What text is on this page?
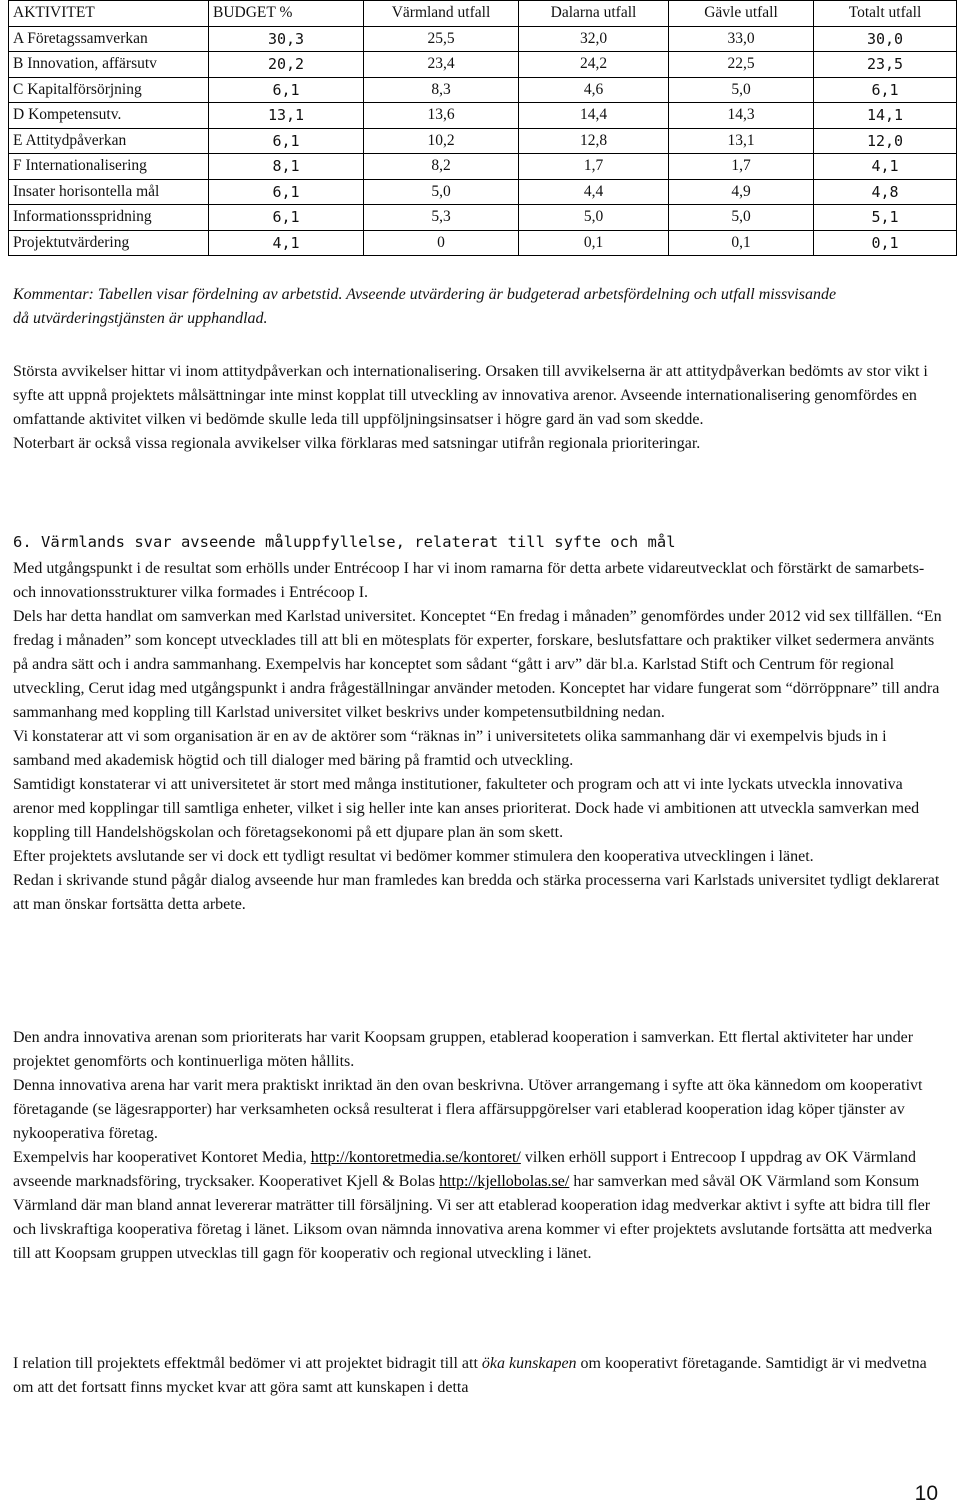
AKTIVITET	BUDGET %	Värmland utfall	Dalarna utfall	Gävle utfall	Totalt utfall
A Företagssamverkan	30,3	25,5	32,0	33,0	30,0
B Innovation, affärsutv	20,2	23,4	24,2	22,5	23,5
C Kapitalförsörjning	6,1	8,3	4,6	5,0	6,1
D Kompetensutv.	13,1	13,6	14,4	14,3	14,1
E Attitydpåverkan	6,1	10,2	12,8	13,1	12,0
F Internationalisering	8,1	8,2	1,7	1,7	4,1
Insater horisontella mål	6,1	5,0	4,4	4,9	4,8
Informationsspridning	6,1	5,3	5,0	5,0	5,1
Projektutvärdering	4,1	0	0,1	0,1	0,1

Kommentar: Tabellen visar fördelning av arbetstid. Avseende utvärdering är budgeterad arbetsfördelning och utfall missvisande

då utvärderingstjänsten är upphandlad.

Största avvikelser hittar vi inom attitydpåverkan och internationalisering. Orsaken till avvikelserna är att attitydpåverkan bedömts av stor vikt i syfte att uppnå projektets målsättningar inte minst kopplat till utveckling av innovativa arenor. Avseende internationalisering genomfördes en omfattande aktivitet vilken vi bedömde skulle leda till uppföljningsinsatser i högre gard än vad som skedde.

Noterbart är också vissa regionala avvikelser vilka förklaras med satsningar utifrån regionala prioriteringar.

6. Värmlands svar avseende måluppfyllelse, relaterat till syfte och mål

Med utgångspunkt i de resultat som erhölls under Entrécoop I har vi inom ramarna för detta arbete vidareutvecklat och förstärkt de samarbets- och innovationsstrukturer vilka formades i Entrécoop I.

Dels har detta handlat om samverkan med Karlstad universitet. Konceptet “En fredag i månaden” genomfördes under 2012 vid sex tillfällen. “En fredag i månaden” som koncept utvecklades till att bli en mötesplats för experter, forskare, beslutsfattare och praktiker vilket sedermera använts på andra sätt och i andra sammanhang. Exempelvis har konceptet som sådant “gått i arv” där bl.a. Karlstad Stift och Centrum för regional utveckling, Cerut idag med utgångspunkt i andra frågeställningar använder metoden. Konceptet har vidare fungerat som “dörröppnare” till andra sammanhang med koppling till Karlstad universitet vilket beskrivs under kompetensutbildning nedan.

Vi konstaterar att vi som organisation är en av de aktörer som “räknas in” i universitetets olika sammanhang där vi exempelvis bjuds in i samband med akademisk högtid och till dialoger med bäring på framtid och utveckling.

Samtidigt konstaterar vi att universitetet är stort med många institutioner, fakulteter och program och att vi inte lyckats utveckla innovativa arenor med kopplingar till samtliga enheter, vilket i sig heller inte kan anses prioriterat. Dock hade vi ambitionen att utveckla samverkan med koppling till Handelshögskolan och företagsekonomi på ett djupare plan än som skett.

Efter projektets avslutande ser vi dock ett tydligt resultat vi bedömer kommer stimulera den kooperativa utvecklingen i länet.

Redan i skrivande stund pågår dialog avseende hur man framledes kan bredda och stärka processerna vari Karlstads universitet tydligt deklarerat att man önskar fortsätta detta arbete.

Den andra innovativa arenan som prioriterats har varit Koopsam gruppen, etablerad kooperation i samverkan. Ett flertal aktiviteter har under projektet genomförts och kontinuerliga möten hållits.

Denna innovativa arena har varit mera praktiskt inriktad än den ovan beskrivna. Utöver arrangemang i syfte att öka kännedom om kooperativt företagande (se lägesrapporter) har verksamheten också resulterat i flera affärsuppgörelser vari etablerad kooperation idag köper tjänster av nykooperativa företag.

Exempelvis har kooperativet Kontoret Media, http://kontoretmedia.se/kontoret/ vilken erhöll support i Entrecoop I uppdrag av OK Värmland avseende marknadsföring, trycksaker. Kooperativet Kjell & Bolas http://kjellobolas.se/ har samverkan med såväl OK Värmland som Konsum Värmland där man bland annat levererar maträtter till försäljning. Vi ser att etablerad kooperation idag medverkar aktivt i syfte att bidra till fler och livskraftiga kooperativa företag i länet. Liksom ovan nämnda innovativa arena kommer vi efter projektets avslutande fortsätta att medverka till att Koopsam gruppen utvecklas till gagn för kooperativ och regional utveckling i länet.

I relation till projektets effektmål bedömer vi att projektet bidragit till att öka kunskapen om kooperativt företagande. Samtidigt är vi medvetna om att det fortsatt finns mycket kvar att göra samt att kunskapen i detta

10
